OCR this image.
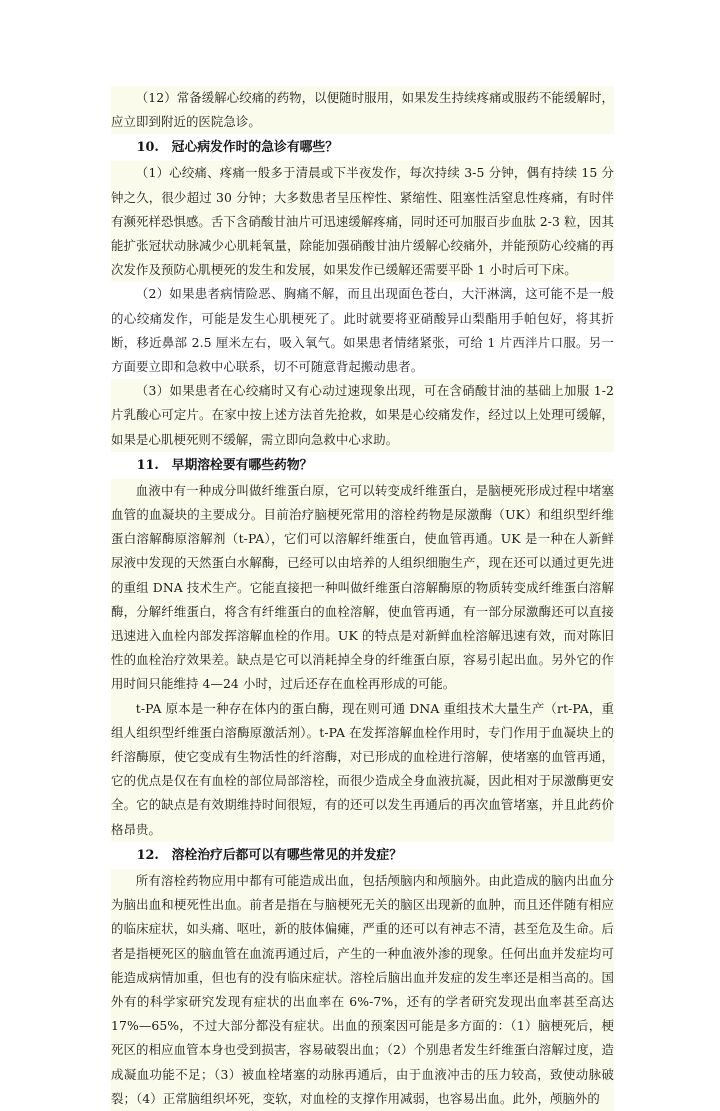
（12）常备缓解心绞痛的药物，以便随时服用，如果发生持续疼痛或服药不能缓解时，应立即到附近的医院急诊。

10.　冠心病发作时的急诊有哪些？

（1）心绞痛、疼痛一般多于清晨或下半夜发作，每次持续 3-5 分钟，偶有持续 15 分钟之久，很少超过 30 分钟；大多数患者呈压榨性、紧缩性、阻塞性活窒息性疼痛，有时伴有濒死样恐惧感。舌下含硝酸甘油片可迅速缓解疼痛，同时还可加服百步血肽 2-3 粒，因其能扩张冠状动脉减少心肌耗氧量，除能加强硝酸甘油片缓解心绞痛外，并能预防心绞痛的再次发作及预防心肌梗死的发生和发展，如果发作已缓解还需要平卧 1 小时后可下床。

（2）如果患者病情险恶、胸痛不解，而且出现面色苍白，大汗淋漓，这可能不是一般的心绞痛发作，可能是发生心肌梗死了。此时就要将亚硝酸异山梨酯用手帕包好，将其折断，移近鼻部 2.5 厘米左右，吸入氧气。如果患者情绪紧张，可给 1 片西泮片口服。另一方面要立即和急救中心联系，切不可随意背起搬动患者。

（3）如果患者在心绞痛时又有心动过速现象出现，可在含硝酸甘油的基础上加服 1-2 片乳酸心可定片。在家中按上述方法首先抢救，如果是心绞痛发作，经过以上处理可缓解，如果是心肌梗死则不缓解，需立即向急救中心求助。

11.　早期溶栓要有哪些药物？

血液中有一种成分叫做纤维蛋白原，它可以转变成纤维蛋白，是脑梗死形成过程中堵塞血管的血凝块的主要成分。目前治疗脑梗死常用的溶栓药物是尿激酶（UK）和组织型纤维蛋白溶解酶原溶解剂（t-PA），它们可以溶解纤维蛋白，使血管再通。UK 是一种在人新鲜尿液中发现的天然蛋白水解酶，已经可以由培养的人组织细胞生产，现在还可以通过更先进的重组 DNA 技术生产。它能直接把一种叫做纤维蛋白溶解酶原的物质转变成纤维蛋白溶解酶，分解纤维蛋白，将含有纤维蛋白的血栓溶解，使血管再通，有一部分尿激酶还可以直接迅速进入血栓内部发挥溶解血栓的作用。UK 的特点是对新鲜血栓溶解迅速有效，而对陈旧性的血栓治疗效果差。缺点是它可以消耗掉全身的纤维蛋白原，容易引起出血。另外它的作用时间只能维持 4—24 小时，过后还存在血栓再形成的可能。

t-PA 原本是一种存在体内的蛋白酶，现在则可通 DNA 重组技术大量生产（rt-PA，重组人组织型纤维蛋白溶酶原激活剂）。t-PA 在发挥溶解血栓作用时，专门作用于血凝块上的纤溶酶原，使它变成有生物活性的纤溶酶，对已形成的血栓进行溶解，使堵塞的血管再通，它的优点是仅在有血栓的部位局部溶栓，而很少造成全身血液抗凝，因此相对于尿激酶更安全。它的缺点是有效期维持时间很短，有的还可以发生再通后的再次血管堵塞，并且此药价格昂贵。

12.　溶栓治疗后都可以有哪些常见的并发症？

所有溶栓药物应用中都有可能造成出血，包括颅脑内和颅脑外。由此造成的脑内出血分为脑出血和梗死性出血。前者是指在与脑梗死无关的脑区出现新的血肿，而且还伴随有相应的临床症状，如头痛、呕吐，新的肢体偏瘫，严重的还可以有神志不清，甚至危及生命。后者是指梗死区的脑血管在血流再通过后，产生的一种血液外渗的现象。任何出血并发症均可能造成病情加重，但也有的没有临床症状。溶栓后脑出血并发症的发生率还是相当高的。国外有的科学家研究发现有症状的出血率在 6%-7%，还有的学者研究发现出血率甚至高达 17%—65%，不过大部分都没有症状。出血的预案因可能是多方面的：（1）脑梗死后，梗死区的相应血管本身也受到损害，容易破裂出血；（2）个别患者发生纤维蛋白溶解过度，造成凝血功能不足；（3）被血栓堵塞的动脉再通后，由于血液冲击的压力较高，致使动脉破裂；（4）正常脑组织坏死，变软，对血栓的支撑作用减弱，也容易出血。此外，颅脑外的
